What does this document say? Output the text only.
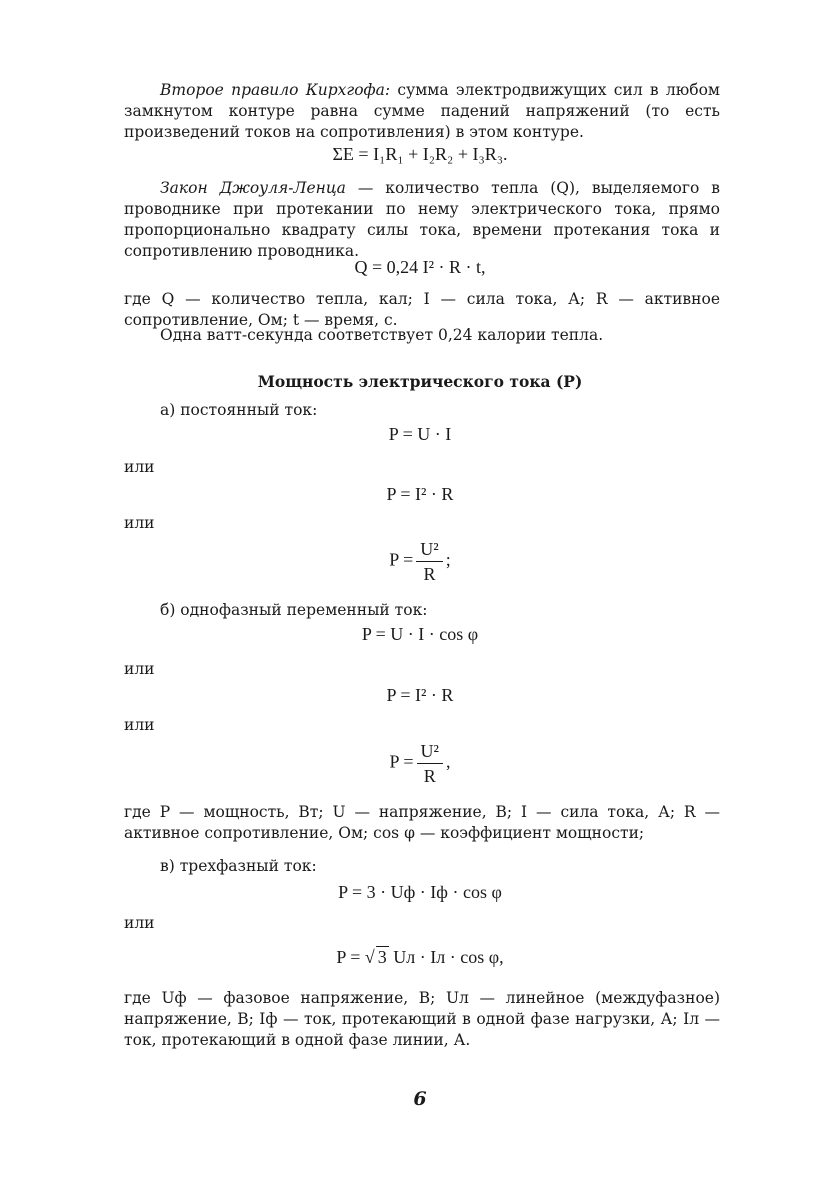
Второе правило Кирхгофа: сумма электродвижущих сил в любом замкнутом контуре равна сумме падений напряжений (то есть произведений токов на сопротивления) в этом контуре.

ΣE = I₁R₁ + I₂R₂ + I₃R₃.

Закон Джоуля-Ленца — количество тепла (Q), выделяемого в проводнике при протекании по нему электрического тока, прямо пропорционально квадрату силы тока, времени протекания тока и сопротивлению проводника.

Q = 0,24 I² · R · t,

где Q — количество тепла, кал; I — сила тока, А; R — активное сопротивление, Ом; t — время, с.

Одна ватт-секунда соответствует 0,24 калории тепла.

Мощность электрического тока (P)

а) постоянный ток:

P = U · I

или

P = I² · R

или

$P = \frac{\text{U²}}{R}$ ;

б) однофазный переменный ток:

P = U · I · cos φ

или

P = I² · R

или

$P = \frac{\text{U²}}{R}$ ,

где P — мощность, Вт; U — напряжение, В; I — сила тока, А; R — активное сопротивление, Ом; cos φ — коэффициент мощности;

в) трехфазный ток:

P = 3 · Uф · Iф · cos φ

или

P = √ 3 Uл · Iл · cos φ,

где Uф — фазовое напряжение, В; Uл — линейное (междуфазное) напряжение, В; Iф — ток, протекающий в одной фазе нагрузки, А; Iл — ток, протекающий в одной фазе линии, А.

6
